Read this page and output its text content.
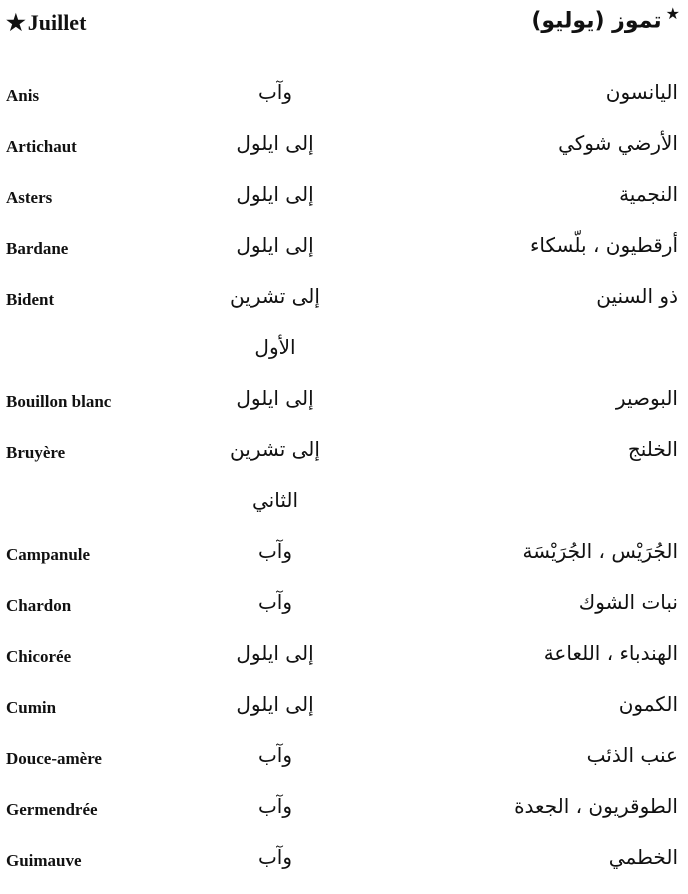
★Juillet	★تموز (يوليو)
Anis	وآب	اليانسون
Artichaut	إلى ايلول	الأرضي شوكي
Asters	إلى ايلول	النجمية
Bardane	إلى ايلول	أرقطيون ، بلّسكاء
Bident	إلى تشرين	ذو السنين
الأول
Bouillon blanc	إلى ايلول	البوصير
Bruyère	إلى تشرين	الخلنج
الثاني
Campanule	وآب	الجُرَيْس ، الجُرَيْسَة
Chardon	وآب	نبات الشوك
Chicorée	إلى ايلول	الهندباء ، اللعاعة
Cumin	إلى ايلول	الكمون
Douce-amère	وآب	عنب الذئب
Germendrée	وآب	الطوقريون ، الجعدة
Guimauve	وآب	الخطمي
